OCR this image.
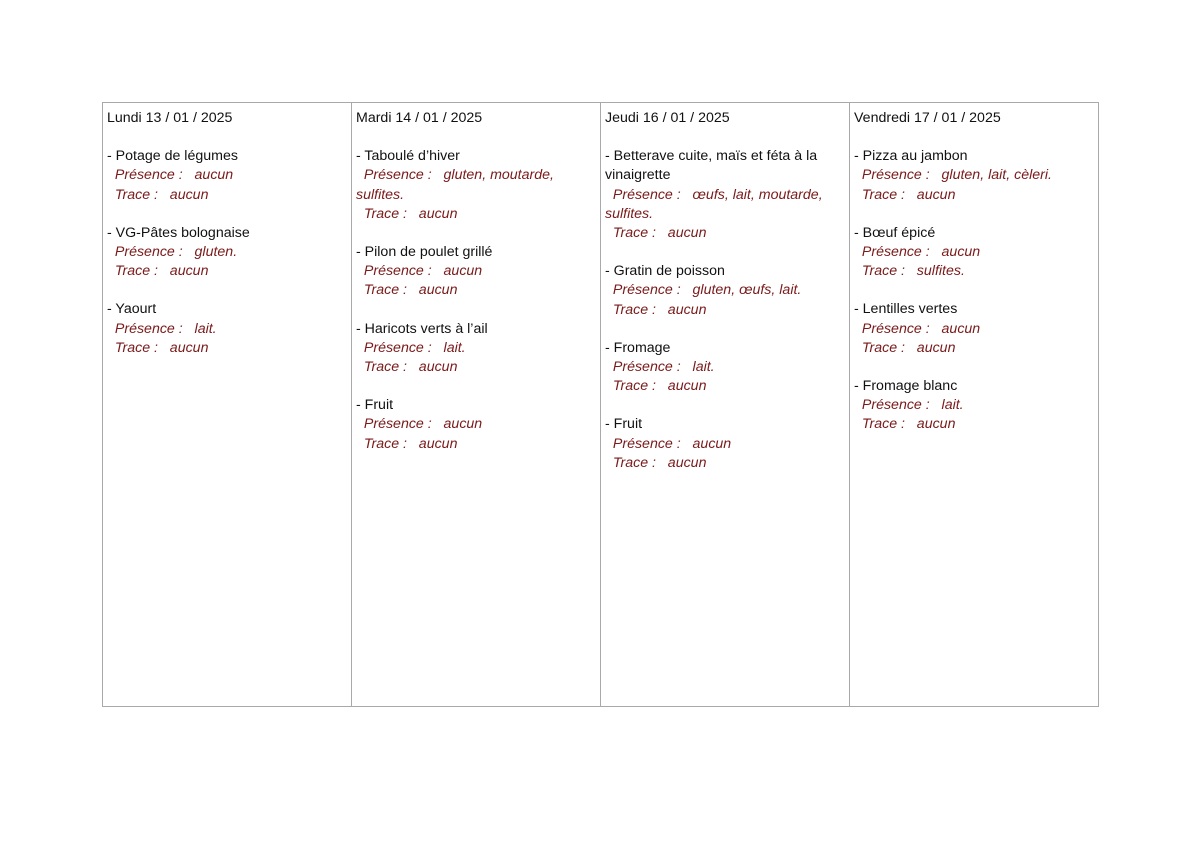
Lundi 13 / 01 / 2025
- Potage de légumes
Présence :   aucun
Trace :   aucun
- VG-Pâtes bolognaise
Présence :   gluten.
Trace :   aucun
- Yaourt
Présence :   lait.
Trace :   aucun
Mardi 14 / 01 / 2025
- Taboulé d’hiver
Présence :   gluten, moutarde, sulfites.
Trace :   aucun
- Pilon de poulet grillé
Présence :   aucun
Trace :   aucun
- Haricots verts à l’ail
Présence :   lait.
Trace :   aucun
- Fruit
Présence :   aucun
Trace :   aucun
Jeudi 16 / 01 / 2025
- Betterave cuite, maïs et féta à la vinaigrette
Présence :   œufs, lait, moutarde, sulfites.
Trace :   aucun
- Gratin de poisson
Présence :   gluten, œufs, lait.
Trace :   aucun
- Fromage
Présence :   lait.
Trace :   aucun
- Fruit
Présence :   aucun
Trace :   aucun
Vendredi 17 / 01 / 2025
- Pizza au jambon
Présence :   gluten, lait, cèleri.
Trace :   aucun
- Bœuf épicé
Présence :   aucun
Trace :   sulfites.
- Lentilles vertes
Présence :   aucun
Trace :   aucun
- Fromage blanc
Présence :   lait.
Trace :   aucun
